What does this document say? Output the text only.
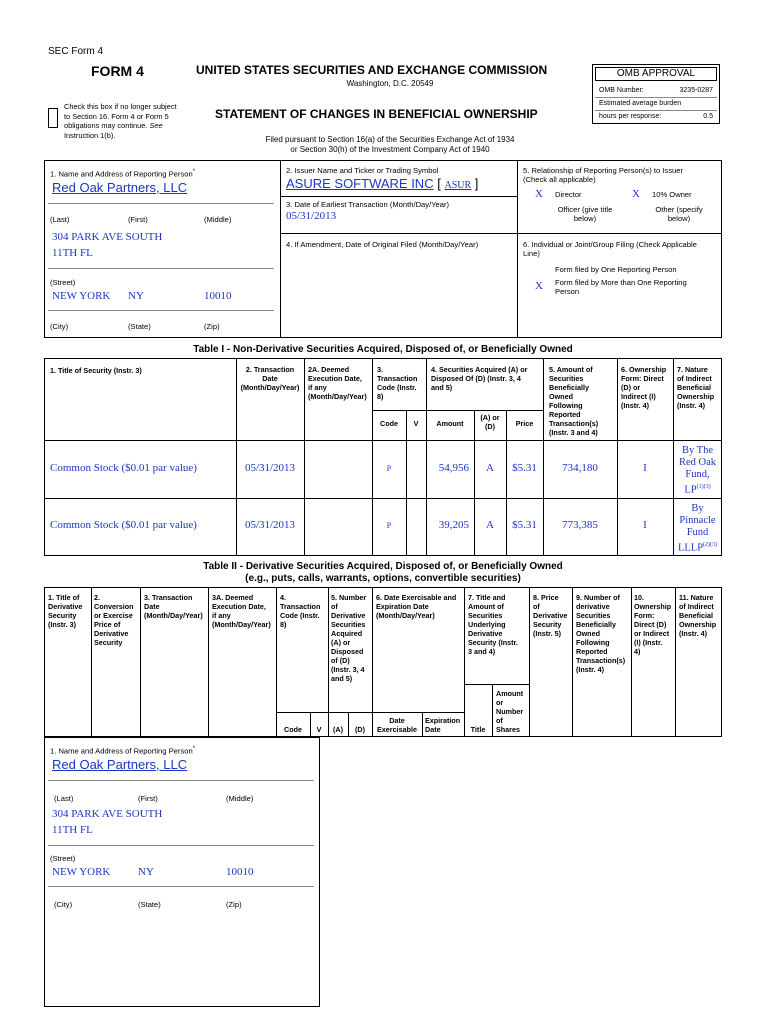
SEC Form 4
FORM 4	UNITED STATES SECURITIES AND EXCHANGE COMMISSION
Washington, D.C. 20549
Check this box if no longer subject
to Section 16. Form 4 or Form 5
obligations may continue. See
Instruction 1(b).
STATEMENT OF CHANGES IN BENEFICIAL OWNERSHIP
Filed pursuant to Section 16(a) of the Securities Exchange Act of 1934
or Section 30(h) of the Investment Company Act of 1940
OMB APPROVAL
OMB Number:	3235-0287
Estimated average burden
hours per response:	0.5
1. Name and Address of Reporting Person*
Red Oak Partners, LLC
(Last)	(First)	(Middle)
304 PARK AVE SOUTH
11TH FL
(Street)
NEW YORK NY	10010
(City)	(State)	(Zip)
2. Issuer Name and Ticker or Trading Symbol
ASURE SOFTWARE INC [ ASUR ]
3. Date of Earliest Transaction (Month/Day/Year)
05/31/2013
4. If Amendment, Date of Original Filed (Month/Day/Year)
5. Relationship of Reporting Person(s) to Issuer
(Check all applicable)
X Director	X 10% Owner
Officer (give title
below)
Other (specify
below)
6. Individual or Joint/Group Filing (Check Applicable
Line)
Form filed by One Reporting Person
X Form filed by More than One Reporting
Person
Table I - Non-Derivative Securities Acquired, Disposed of, or Beneficially Owned
1. Title of Security (Instr. 3)	2. Transaction
Date
(Month/Day/Year)
2A. Deemed
Execution Date,
if any
(Month/Day/Year)
3.
Transaction
Code (Instr.
8)
4. Securities Acquired (A) or
Disposed Of (D) (Instr. 3, 4
and 5)
5. Amount of
Securities
Beneficially
Owned
Following
Reported
Transaction(s)
(Instr. 3 and 4)
6. Ownership
Form: Direct
(D) or
Indirect (I)
(Instr. 4)
7. Nature
of Indirect
Beneficial
Ownership
(Instr. 4)
Code	V	Amount
(A) or
(D)	Price
Common Stock ($0.01 par value)	05/31/2013	P	54,956	A	$5.31	734,180	I
By The
Red Oak
Fund,
$LP^{(1)(3)}$
Common Stock ($0.01 par value)	05/31/2013	P	39,205	A	$5.31	773,385	I
By
Pinnacle
Fund
$LLLP^{(2)(3)}$
Table II - Derivative Securities Acquired, Disposed of, or Beneficially Owned
(e.g., puts, calls, warrants, options, convertible securities)
1. Title of
Derivative
Security
(Instr. 3)
2.
Conversion
or Exercise
Price of
Derivative
Security
3. Transaction
Date
(Month/Day/Year)
3A. Deemed
Execution Date,
if any
(Month/Day/Year)
4.
Transaction
Code (Instr.
8)
5. Number
of
Derivative
Securities
Acquired
(A) or
Disposed
of (D)
(Instr. 3, 4
and 5)
6. Date Exercisable and
Expiration Date
(Month/Day/Year)
7. Title and
Amount of
Securities
Underlying
Derivative
Security (Instr.
3 and 4)
8. Price
of
Derivative
Security
(Instr. 5)
9. Number of
derivative
Securities
Beneficially
Owned
Following
Reported
Transaction(s)
(Instr. 4)
10.
Ownership
Form:
Direct (D)
or Indirect
(I) (Instr.
4)
11. Nature
of Indirect
Beneficial
Ownership
(Instr. 4)
Code	V	(A)	(D)
Date
Exercisable
Expiration
Date	Title
Amount
or
Number
of
Shares
1. Name and Address of Reporting Person*
Red Oak Partners, LLC
(Last)	(First)	(Middle)
304 PARK AVE SOUTH
11TH FL
(Street)
NEW YORK	NY	10010
(City)	(State)	(Zip)
